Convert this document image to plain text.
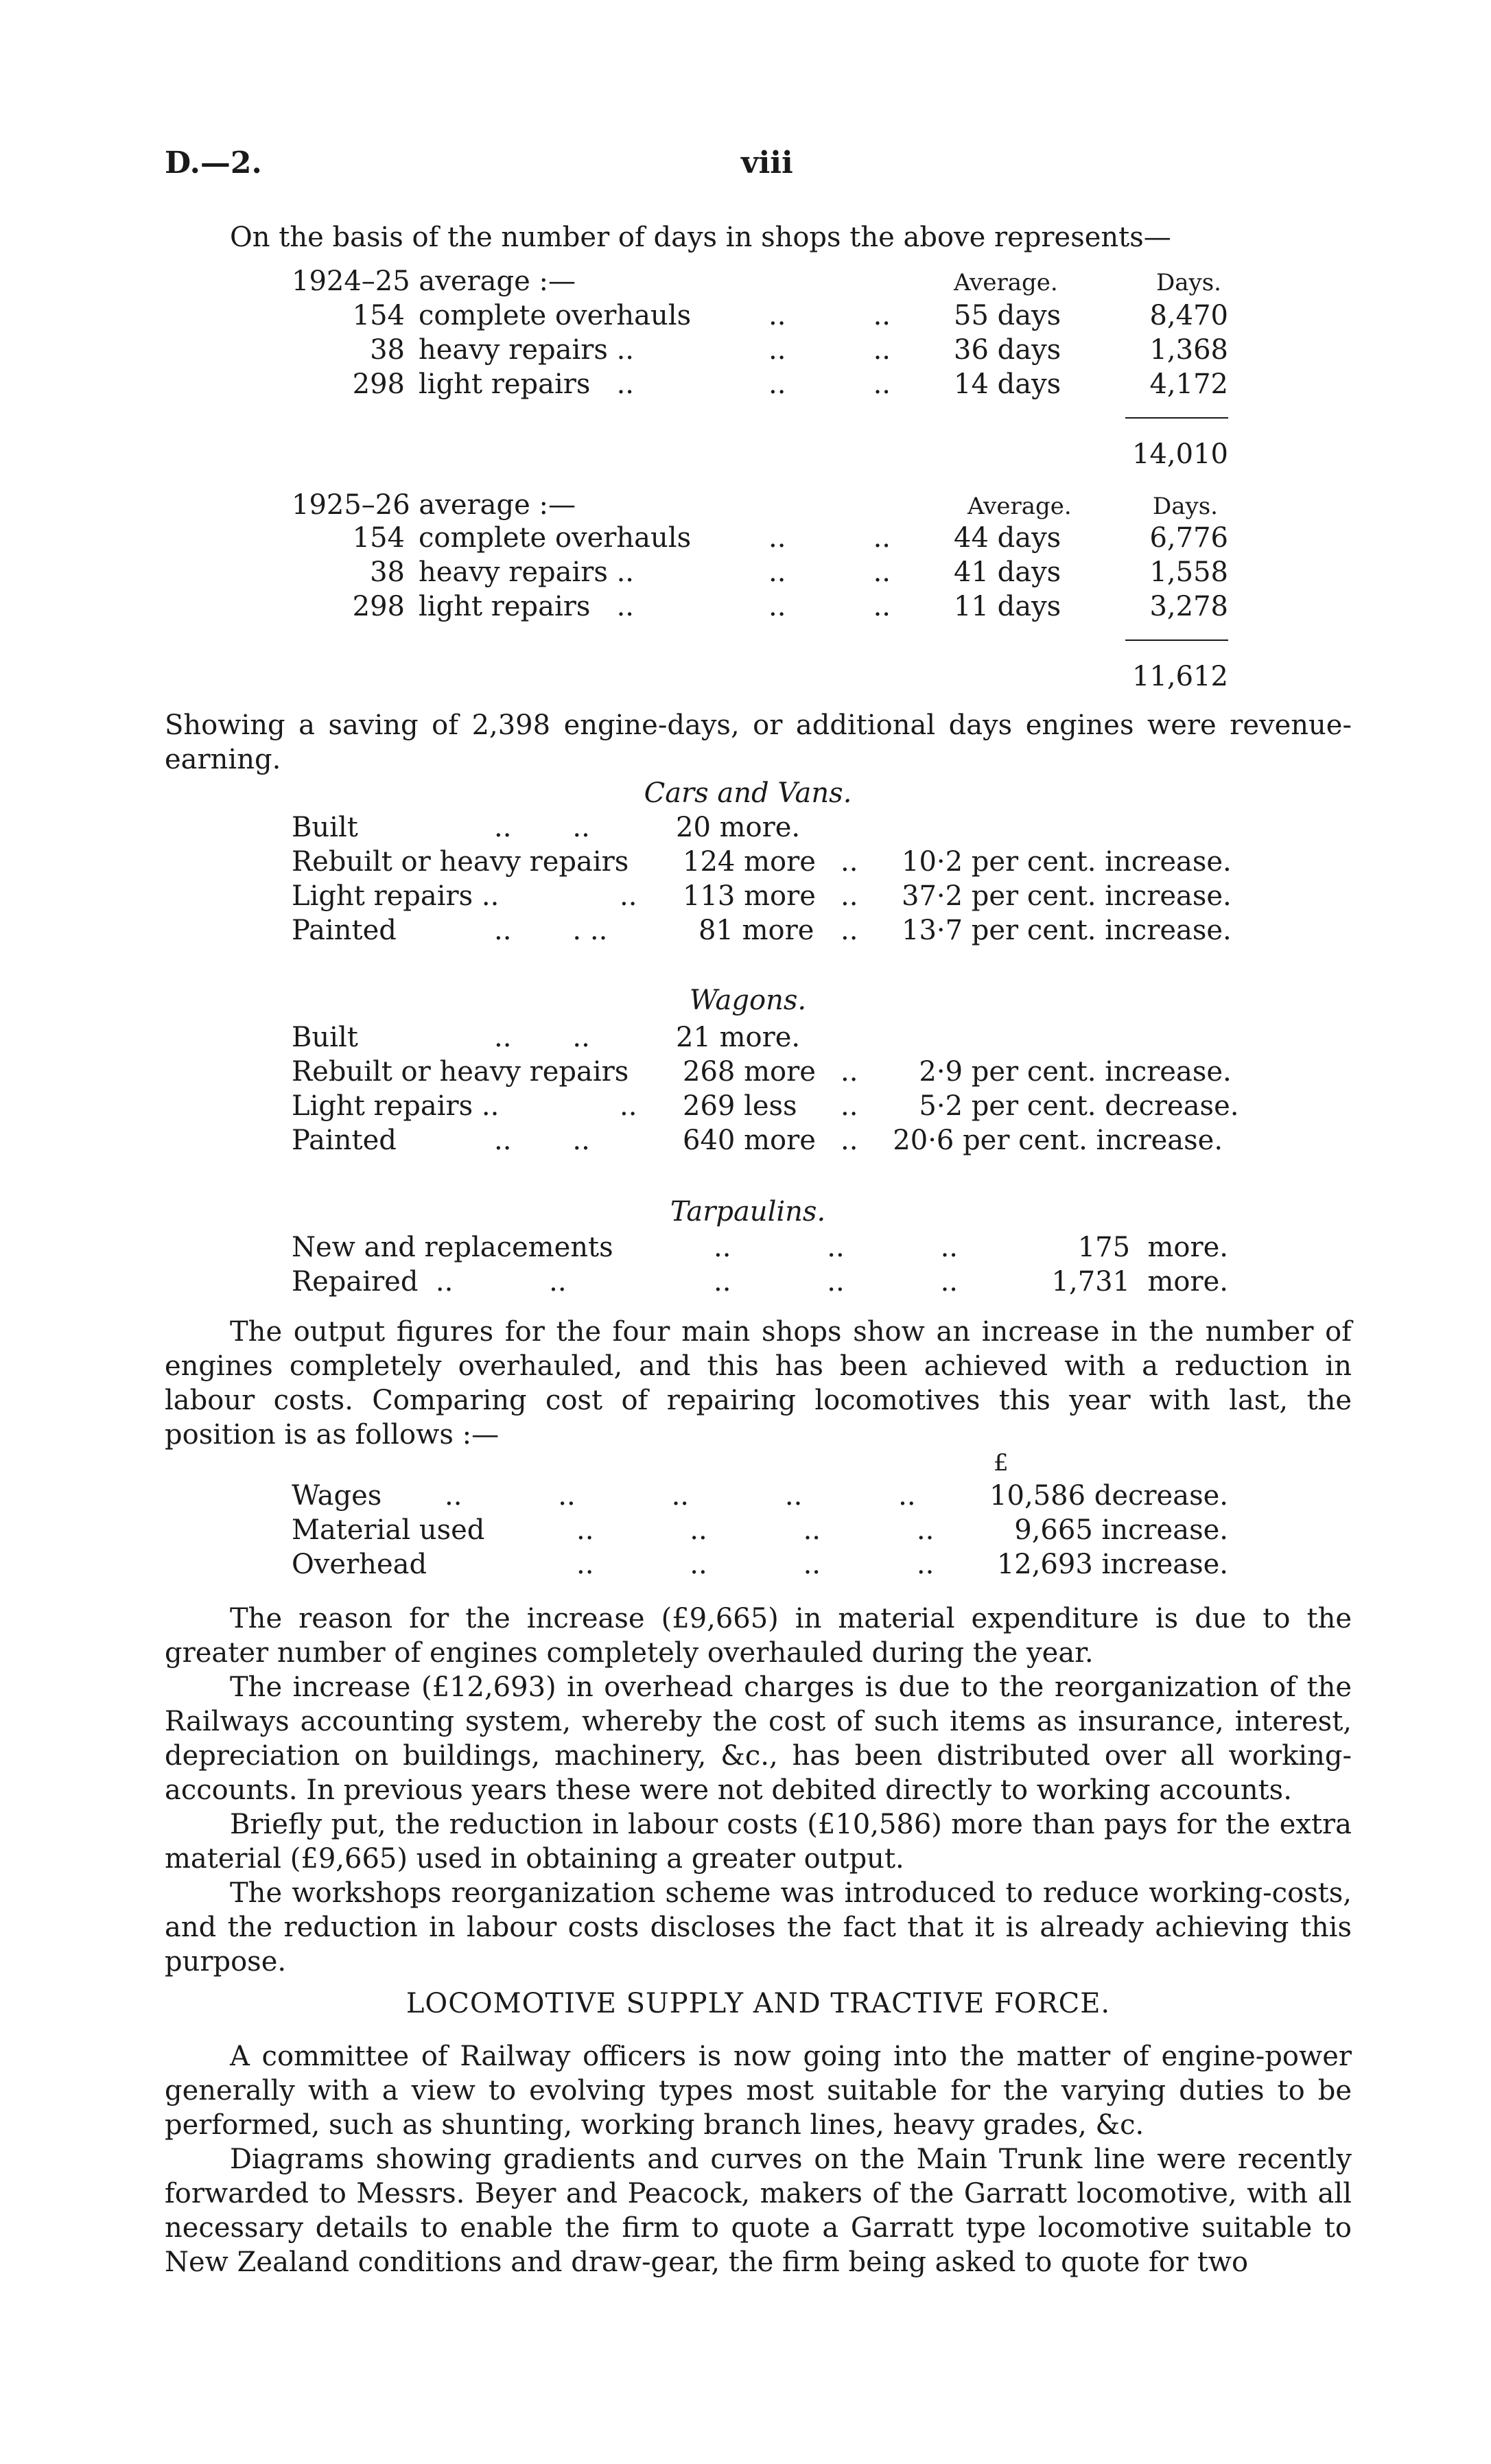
D.—2.	viii
On the basis of the number of days in shops the above represents—
1924–25 average :—	Average.	Days.
154 complete overhauls	..          .. 55 days	8,470
38 heavy repairs ..	..          .. 36 days	1,368
298 light repairs   ..	..          .. 14 days	4,172
14,010
1925–26 average :—	Average.	Days.
154 complete overhauls	..          .. 44 days	6,776
38 heavy repairs ..	..          .. 41 days	1,558
298 light repairs   ..	..          .. 11 days	3,278
11,612
Showing a saving of 2,398 engine-days, or additional days engines were revenue-earning.
Cars and Vans.
Built	..       ..	20 more.
Rebuilt or heavy repairs 124 more ..     10·2 per cent. increase.
Light repairs ..	.. 113 more ..     37·2 per cent. increase.
Painted	..       . ..	81 more ..     13·7 per cent. increase.
Wagons.
Built	..       ..	21 more.
Rebuilt or heavy repairs 268 more ..       2·9 per cent. increase.
Light repairs ..	.. 269 less ..       5·2 per cent. decrease.
Painted	..       ..	640 more ..    20·6 per cent. increase.
Tarpaulins.
New and replacements	..           ..           ..	175  more.
Repaired  ..           ..	..           ..           ..	1,731  more.
The output figures for the four main shops show an increase in the number of engines completely overhauled, and this has been achieved with a reduction in labour costs. Comparing cost of repairing locomotives this year with last, the position is as follows :—
£
Wages ..           ..           ..           ..           ..	10,586 decrease.
Material used	..           ..           ..           ..	9,665 increase.
Overhead	..           ..           ..           ..	12,693 increase.
The reason for the increase (£9,665) in material expenditure is due to the greater number of engines completely overhauled during the year.
The increase (£12,693) in overhead charges is due to the reorganization of the Railways accounting system, whereby the cost of such items as insurance, interest, depreciation on buildings, machinery, &c., has been distributed over all working-accounts. In previous years these were not debited directly to working accounts.
Briefly put, the reduction in labour costs (£10,586) more than pays for the extra material (£9,665) used in obtaining a greater output.
The workshops reorganization scheme was introduced to reduce working-costs, and the reduction in labour costs discloses the fact that it is already achieving this purpose.
LOCOMOTIVE SUPPLY AND TRACTIVE FORCE.
A committee of Railway officers is now going into the matter of engine-power generally with a view to evolving types most suitable for the varying duties to be performed, such as shunting, working branch lines, heavy grades, &c.
Diagrams showing gradients and curves on the Main Trunk line were recently forwarded to Messrs. Beyer and Peacock, makers of the Garratt locomotive, with all necessary details to enable the firm to quote a Garratt type locomotive suitable to New Zealand conditions and draw-gear, the firm being asked to quote for two
